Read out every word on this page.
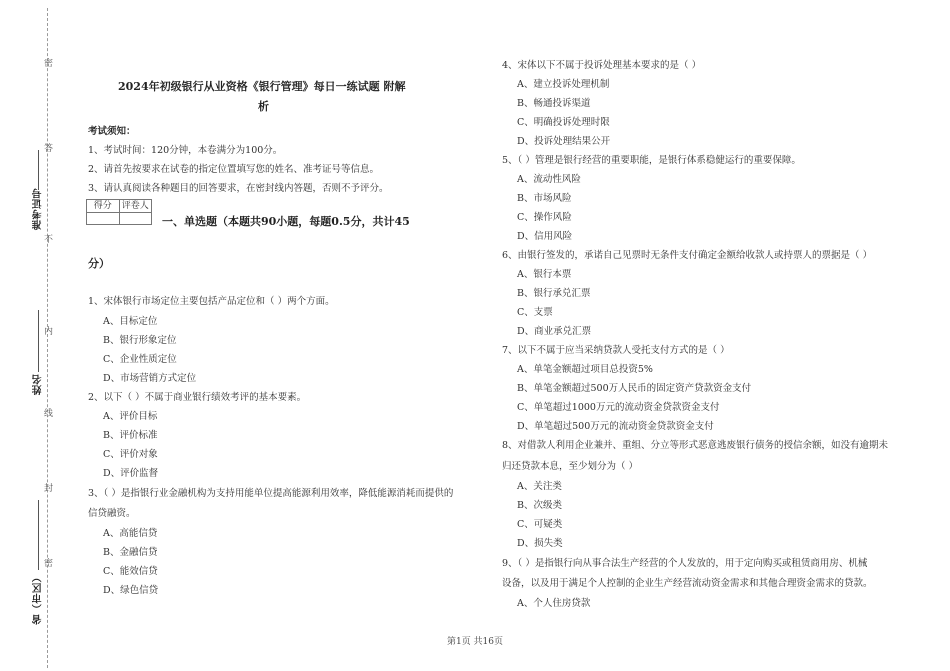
密
答
不
内
线
封
密
准考证号
姓名
省（市区）
2024年初级银行从业资格《银行管理》每日一练试题 附解
析
考试须知：
1、考试时间：120分钟，本卷满分为100分。
2、请首先按要求在试卷的指定位置填写您的姓名、准考证号等信息。
3、请认真阅读各种题目的回答要求，在密封线内答题，否则不予评分。
得分	评卷人
一、单选题（本题共90小题，每题0.5分，共计45
分）
1、宋体银行市场定位主要包括产品定位和（ ）两个方面。
A、目标定位
B、银行形象定位
C、企业性质定位
D、市场营销方式定位
2、以下（ ）不属于商业银行绩效考评的基本要素。
A、评价目标
B、评价标准
C、评价对象
D、评价监督
3、（ ）是指银行业金融机构为支持用能单位提高能源利用效率，降低能源消耗而提供的
信贷融资。
A、高能信贷
B、金融信贷
C、能效信贷
D、绿色信贷
4、宋体以下不属于投诉处理基本要求的是（ ）
A、建立投诉处理机制
B、畅通投诉渠道
C、明确投诉处理时限
D、投诉处理结果公开
5、（ ）管理是银行经营的重要职能，是银行体系稳健运行的重要保障。
A、流动性风险
B、市场风险
C、操作风险
D、信用风险
6、由银行签发的，承诺自己见票时无条件支付确定金额给收款人或持票人的票据是（ ）
A、银行本票
B、银行承兑汇票
C、支票
D、商业承兑汇票
7、以下不属于应当采纳贷款人受托支付方式的是（ ）
A、单笔金额超过项目总投资5%
B、单笔金额超过500万人民币的固定资产贷款资金支付
C、单笔超过1000万元的流动资金贷款资金支付
D、单笔超过500万元的流动资金贷款资金支付
8、对借款人利用企业兼并、重组、分立等形式恶意逃废银行债务的授信余额，如没有逾期未
归还贷款本息，至少划分为（ ）
A、关注类
B、次级类
C、可疑类
D、损失类
9、（ ）是指银行向从事合法生产经营的个人发放的，用于定向购买或租赁商用房、机械
设备，以及用于满足个人控制的企业生产经营流动资金需求和其他合理资金需求的贷款。
A、个人住房贷款
第1页 共16页
